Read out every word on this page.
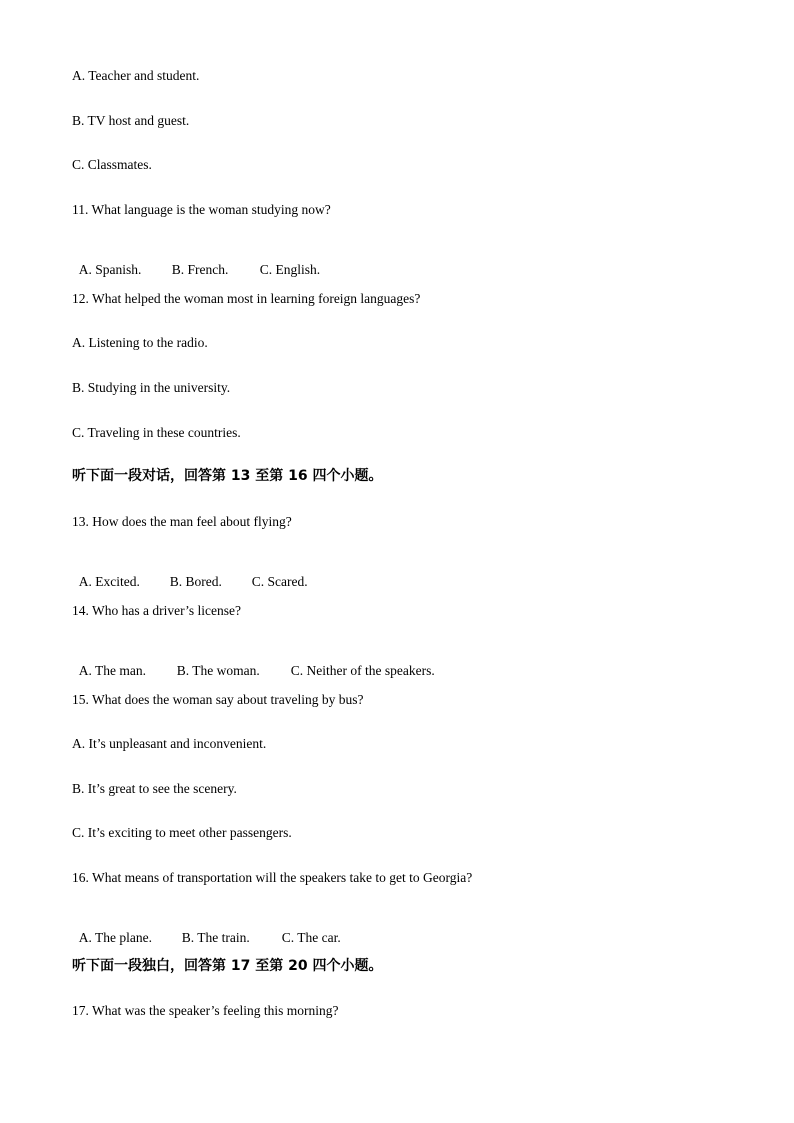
A. Teacher and student.
B. TV host and guest.
C. Classmates.
11. What language is the woman studying now?

A. Spanish. B. French. C. English.

12. What helped the woman most in learning foreign languages?
A. Listening to the radio.
B. Studying in the university.
C. Traveling in these countries.
听下面一段对话，回答第 13 至第 16 四个小题。
13. How does the man feel about flying?

A. Excited. B. Bored. C. Scared.

14. Who has a driver’s license?

A. The man. B. The woman. C. Neither of the speakers.

15. What does the woman say about traveling by bus?
A. It’s unpleasant and inconvenient.
B. It’s great to see the scenery.
C. It’s exciting to meet other passengers.
16. What means of transportation will the speakers take to get to Georgia?

A. The plane. B. The train. C. The car.

听下面一段独白，回答第 17 至第 20 四个小题。
17. What was the speaker’s feeling this morning?
